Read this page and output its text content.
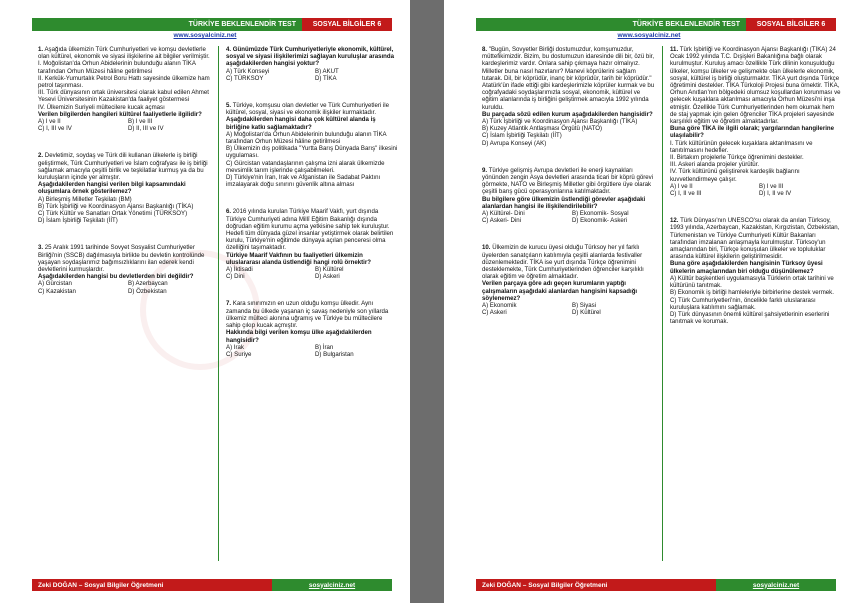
TÜRKİYE BEKLENLENDİR TEST	SOSYAL BİLGİLER 6
www.sosyalciniz.net

1. Aşağıda ülkemizin Türk Cumhuriyetleri ve komşu devletlerle olan kültürel, ekonomik ve siyasi ilişkilerine ait bilgiler verilmiştir.

I. Moğolistan'da Orhun Abidelerinin bulunduğu alanın TİKA tarafından Orhun Müzesi hâline getirilmesi

II. Kerkük-Yumurtalık Petrol Boru Hattı sayesinde ülkemize ham petrol taşınması.

III. Türk dünyasının ortak üniversitesi olarak kabul edilen Ahmet Yesevi Üniversitesinin Kazakistan'da faaliyet göstermesi

IV. Ülkemizin Suriyeli mültecilere kucak açması

Verilen bilgilerden hangileri kültürel faaliyetlerle ilgilidir?

A) I ve II	B) I ve III
C) I, III ve IV	D) II, III ve IV

2. Devletimiz, soydaş ve Türk dili kullanan ülkelerle iş birliği geliştirmek, Türk Cumhuriyetleri ve İslam coğrafyası ile iş birliği sağlamak amacıyla çeşitli birlik ve teşkilatlar kurmuş ya da bu kuruluşların içinde yer almıştır.

Aşağıdakilerden hangisi verilen bilgi kapsamındaki oluşumlara örnek gösterilemez?

A) Birleşmiş Milletler Teşkilatı (BM)
B) Türk İşbirliği ve Koordinasyon Ajansı Başkanlığı (TİKA)
C) Türk Kültür ve Sanatları Ortak Yönetimi (TÜRKSOY)
D) İslam İşbirliği Teşkilatı (İİT)

3. 25 Aralık 1991 tarihinde Sovyet Sosyalist Cumhuriyetler Birliği'nin (SSCB) dağılmasıyla birlikte bu devletin kontrolünde yaşayan soydaşlarımız bağımsızlıklarını ilan ederek kendi devletlerini kurmuşlardır.

Aşağıdakilerden hangisi bu devletlerden biri değildir?

A) Gürcistan	B) Azerbaycan
C) Kazakistan	D) Özbekistan

4. Günümüzde Türk Cumhuriyetleriyle ekonomik, kültürel, sosyal ve siyasi ilişkilerimizi sağlayan kuruluşlar arasında aşağıdakilerden hangisi yoktur?

A) Türk Konseyi	B) AKUT
C) TÜRKSOY	D) TİKA

5. Türkiye, komşusu olan devletler ve Türk Cumhuriyetleri ile kültürel, sosyal, siyasi ve ekonomik ilişkiler kurmaktadır.

Aşağıdakilerden hangisi daha çok kültürel alanda iş birliğine katkı sağlamaktadır?

A) Moğolistan'da Orhun Abidelerinin bulunduğu alanın TİKA tarafından Orhun Müzesi hâline getirilmesi
B) Ülkemizin dış politikada "Yurtta Barış Dünyada Barış" ilkesini uygulaması.
C) Gürcistan vatandaşlarının çalışma izni alarak ülkemizde mevsimlik tarım işlerinde çalışabilmeleri.
D) Türkiye'nin İran, Irak ve Afganistan ile Sadabat Paktını imzalayarak doğu sınırını güvenlik altına alması

6. 2016 yılında kurulan Türkiye Maarif Vakfı, yurt dışında Türkiye Cumhuriyeti adına Millî Eğitim Bakanlığı dışında doğrudan eğitim kurumu açma yetkisine sahip tek kuruluştur. Hedefi tüm dünyada güzel insanlar yetiştirmek olarak belirtilen kurulu, Türkiye'nin eğitimde dünyaya açılan penceresi olma özelliğini taşımaktadır.

Türkiye Maarif Vakfının bu faaliyetleri ülkemizin uluslararası alanda üstlendiği hangi rolü örnektir?

A) İktisadi	B) Kültürel
C) Dini	D) Askeri

7. Kara sınırımızın en uzun olduğu komşu ülkedir. Aynı zamanda bu ülkede yaşanan iç savaş nedeniyle son yıllarda ülkemiz mülteci akınına uğramış ve Türkiye bu mültecilere sahip çıkıp kucak açmıştır.

Hakkında bilgi verilen komşu ülke aşağıdakilerden hangisidir?

A) Irak	B) İran
C) Suriye	D) Bulgaristan
Zeki DOĞAN – Sosyal Bilgiler Öğretmeni	sosyalciniz.net
TÜRKİYE BEKLENLENDİR TEST	SOSYAL BİLGİLER 6
www.sosyalciniz.net

8. "Bugün, Sovyetler Birliği dostumuzdur, komşumuzdur, müttefikimizdir. Bizim, bu dostumuzun idaresinde dili bir, özü bir, kardeşlerimiz vardır. Onlara sahip çıkmaya hazır olmalıyız. Milletler buna nasıl hazırlanır? Manevi köprülerini sağlam tutarak. Dil, bir köprüdür, inanç bir köprüdür, tarih bir köprüdür."

Atatürk'ün ifade ettiği gibi kardeşlerimizle köprüler kurmak ve bu coğrafyadaki soydaşlarımızla sosyal, ekonomik, kültürel ve eğitim alanlarında iş birliğini geliştirmek amacıyla 1992 yılında kuruldu.

Bu parçada sözü edilen kurum aşağıdakilerden hangisidir?

A) Türk İşbirliği ve Koordinasyon Ajansı Başkanlığı (TİKA)
B) Kuzey Atlantik Antlaşması Örgütü (NATO)
C) İslam İşbirliği Teşkilatı (İİT)
D) Avrupa Konseyi (AK)

9. Türkiye gelişmiş Avrupa devletleri ile enerji kaynakları yönünden zengin Asya devletleri arasında ticari bir köprü görevi görmekte, NATO ve Birleşmiş Milletler gibi örgütlere üye olarak çeşitli barış gücü operasyonlarına katılmaktadır.

Bu bilgilere göre ülkemizin üstlendiği görevler aşağıdaki alanlardan hangisi ile ilişkilendirilebilir?

A) Kültürel- Dini	B) Ekonomik- Sosyal
C) Askeri- Dini	D) Ekonomik- Askeri

10. Ülkemizin de kurucu üyesi olduğu Türksoy her yıl farklı üyelerden sanatçıların katılımıyla çeşitli alanlarda festivaller düzenlemektedir. TİKA ise yurt dışında Türkçe öğrenimini desteklemekte, Türk Cumhuriyetlerinden öğrenciler karşılıklı olarak eğitim ve öğretim almaktadır.

Verilen parçaya göre adı geçen kurumların yaptığı çalışmaların aşağıdaki alanlardan hangisini kapsadığı söylenemez?

A) Ekonomik	B) Siyasi
C) Askeri	D) Kültürel

11. Türk İşbirliği ve Koordinasyon Ajansı Başkanlığı (TİKA) 24 Ocak 1992 yılında T.C. Dışişleri Bakanlığına bağlı olarak kurulmuştur. Kuruluş amacı özellikle Türk dilinin konuşulduğu ülkeler, komşu ülkeler ve gelişmekte olan ülkelerle ekonomik, sosyal, kültürel iş birliği oluşturmaktır. TİKA yurt dışında Türkçe öğretimini destekler. TİKA Türkoloji Projesi buna örnektir. TİKA, Orhun Anıtları'nın bölgedeki olumsuz koşullardan korunması ve gelecek kuşaklara aktarılması amacıyla Orhun Müzesi'ni inşa etmiştir. Özellikle Türk Cumhuriyetlerinden hem okumak hem de staj yapmak için gelen öğrenciler TİKA projeleri sayesinde karşılıklı eğitim ve öğretim almaktadırlar.

Buna göre TİKA ile ilgili olarak; yargılarından hangilerine ulaşılabilir?

I. Türk kültürünün gelecek kuşaklara aktarılmasını ve tanıtılmasını hedefler.

II. Birtakım projelerle Türkçe öğrenimini destekler.

III. Askeri alanda projeler yürütür.

IV. Türk kültürünü geliştirerek kardeşlik bağlarını kuvvetlendirmeye çalışır.

A) I ve II	B) I ve III
C) I, II ve III	D) I, II ve IV

12. Türk Dünyası'nın UNESCO'su olarak da anılan Türksoy, 1993 yılında, Azerbaycan, Kazakistan, Kırgızistan, Özbekistan, Türkmenistan ve Türkiye Cumhuriyeti Kültür Bakanları tarafından imzalanan anlaşmayla kurulmuştur. Türksoy'un amaçlarından biri, Türkçe konuşulan ülkeler ve topluluklar arasında kültürel ilişkilerin geliştirilmesidir.

Buna göre aşağıdakilerden hangisinin Türksoy üyesi ülkelerin amaçlarından biri olduğu düşünülemez?

A) Kültür başkentleri uygulamasıyla Türklerin ortak tarihini ve kültürünü tanıtmak.
B) Ekonomik iş birliği hamleleriyle birbirlerine destek vermek.
C) Türk Cumhuriyetleri'nin, öncelikle farklı uluslararası kuruluşlara katılımını sağlamak.
D) Türk dünyasının önemli kültürel şahsiyetlerinin eserlerini tanıtmak ve korumak.
Zeki DOĞAN – Sosyal Bilgiler Öğretmeni	sosyalciniz.net
